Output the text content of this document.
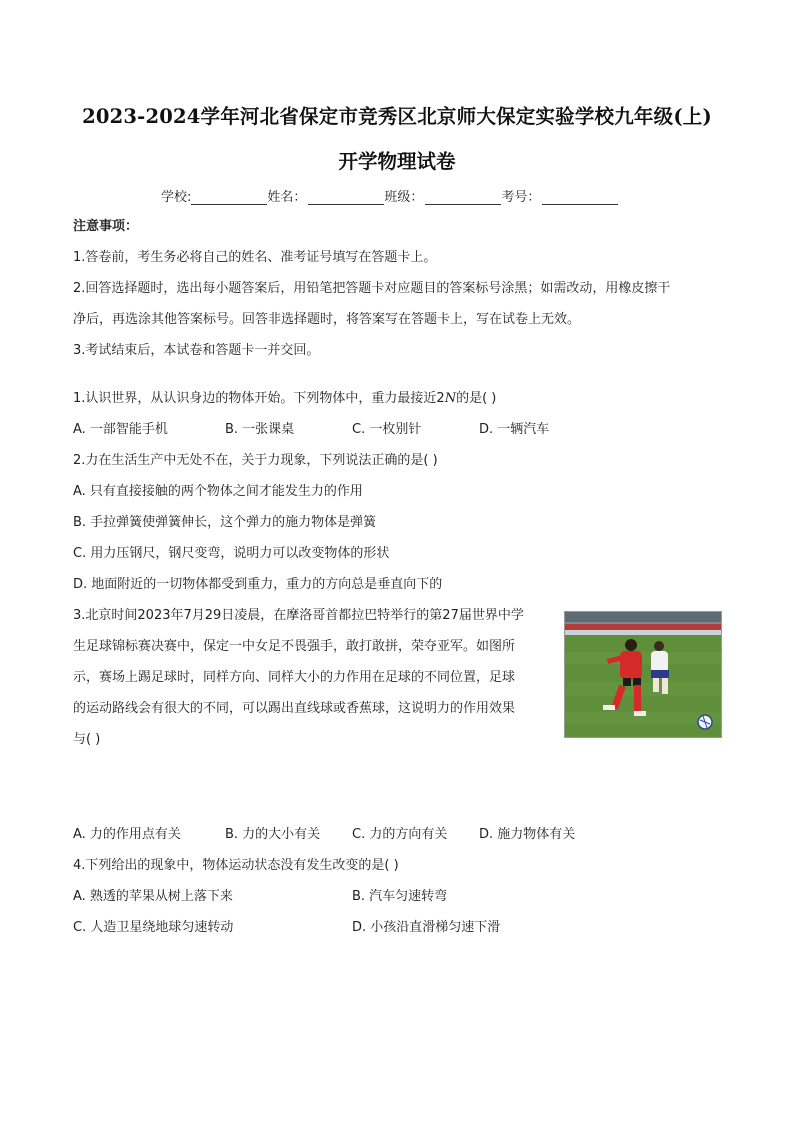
2023-2024学年河北省保定市竞秀区北京师大保定实验学校九年级(上)
开学物理试卷
学校:	姓名：	班级：	考号：
注意事项：
1.答卷前，考生务必将自己的姓名、准考证号填写在答题卡上。
2.回答选择题时，选出每小题答案后，用铅笔把答题卡对应题目的答案标号涂黑；如需改动，用橡皮擦干
净后，再选涂其他答案标号。回答非选择题时，将答案写在答题卡上，写在试卷上无效。
3.考试结束后，本试卷和答题卡一并交回。
1.认识世界，从认识身边的物体开始。下列物体中，重力最接近2N的是( )
A. 一部智能手机	B. 一张课桌	C. 一枚别针	D. 一辆汽车
2.力在生活生产中无处不在，关于力现象，下列说法正确的是( )
A. 只有直接接触的两个物体之间才能发生力的作用
B. 手拉弹簧使弹簧伸长，这个弹力的施力物体是弹簧
C. 用力压钢尺，钢尺变弯，说明力可以改变物体的形状
D. 地面附近的一切物体都受到重力，重力的方向总是垂直向下的
3.北京时间2023年7月29日凌晨，在摩洛哥首都拉巴特举行的第27届世界中学
生足球锦标赛决赛中，保定一中女足不畏强手，敢打敢拼，荣夺亚军。如图所
示，赛场上踢足球时，同样方向、同样大小的力作用在足球的不同位置，足球
的运动路线会有很大的不同，可以踢出直线球或香蕉球，这说明力的作用效果
与( )
A. 力的作用点有关	B. 力的大小有关 C. 力的方向有关 D. 施力物体有关
4.下列给出的现象中，物体运动状态没有发生改变的是( )
A. 熟透的苹果从树上落下来	B. 汽车匀速转弯
C. 人造卫星绕地球匀速转动	D. 小孩沿直滑梯匀速下滑
